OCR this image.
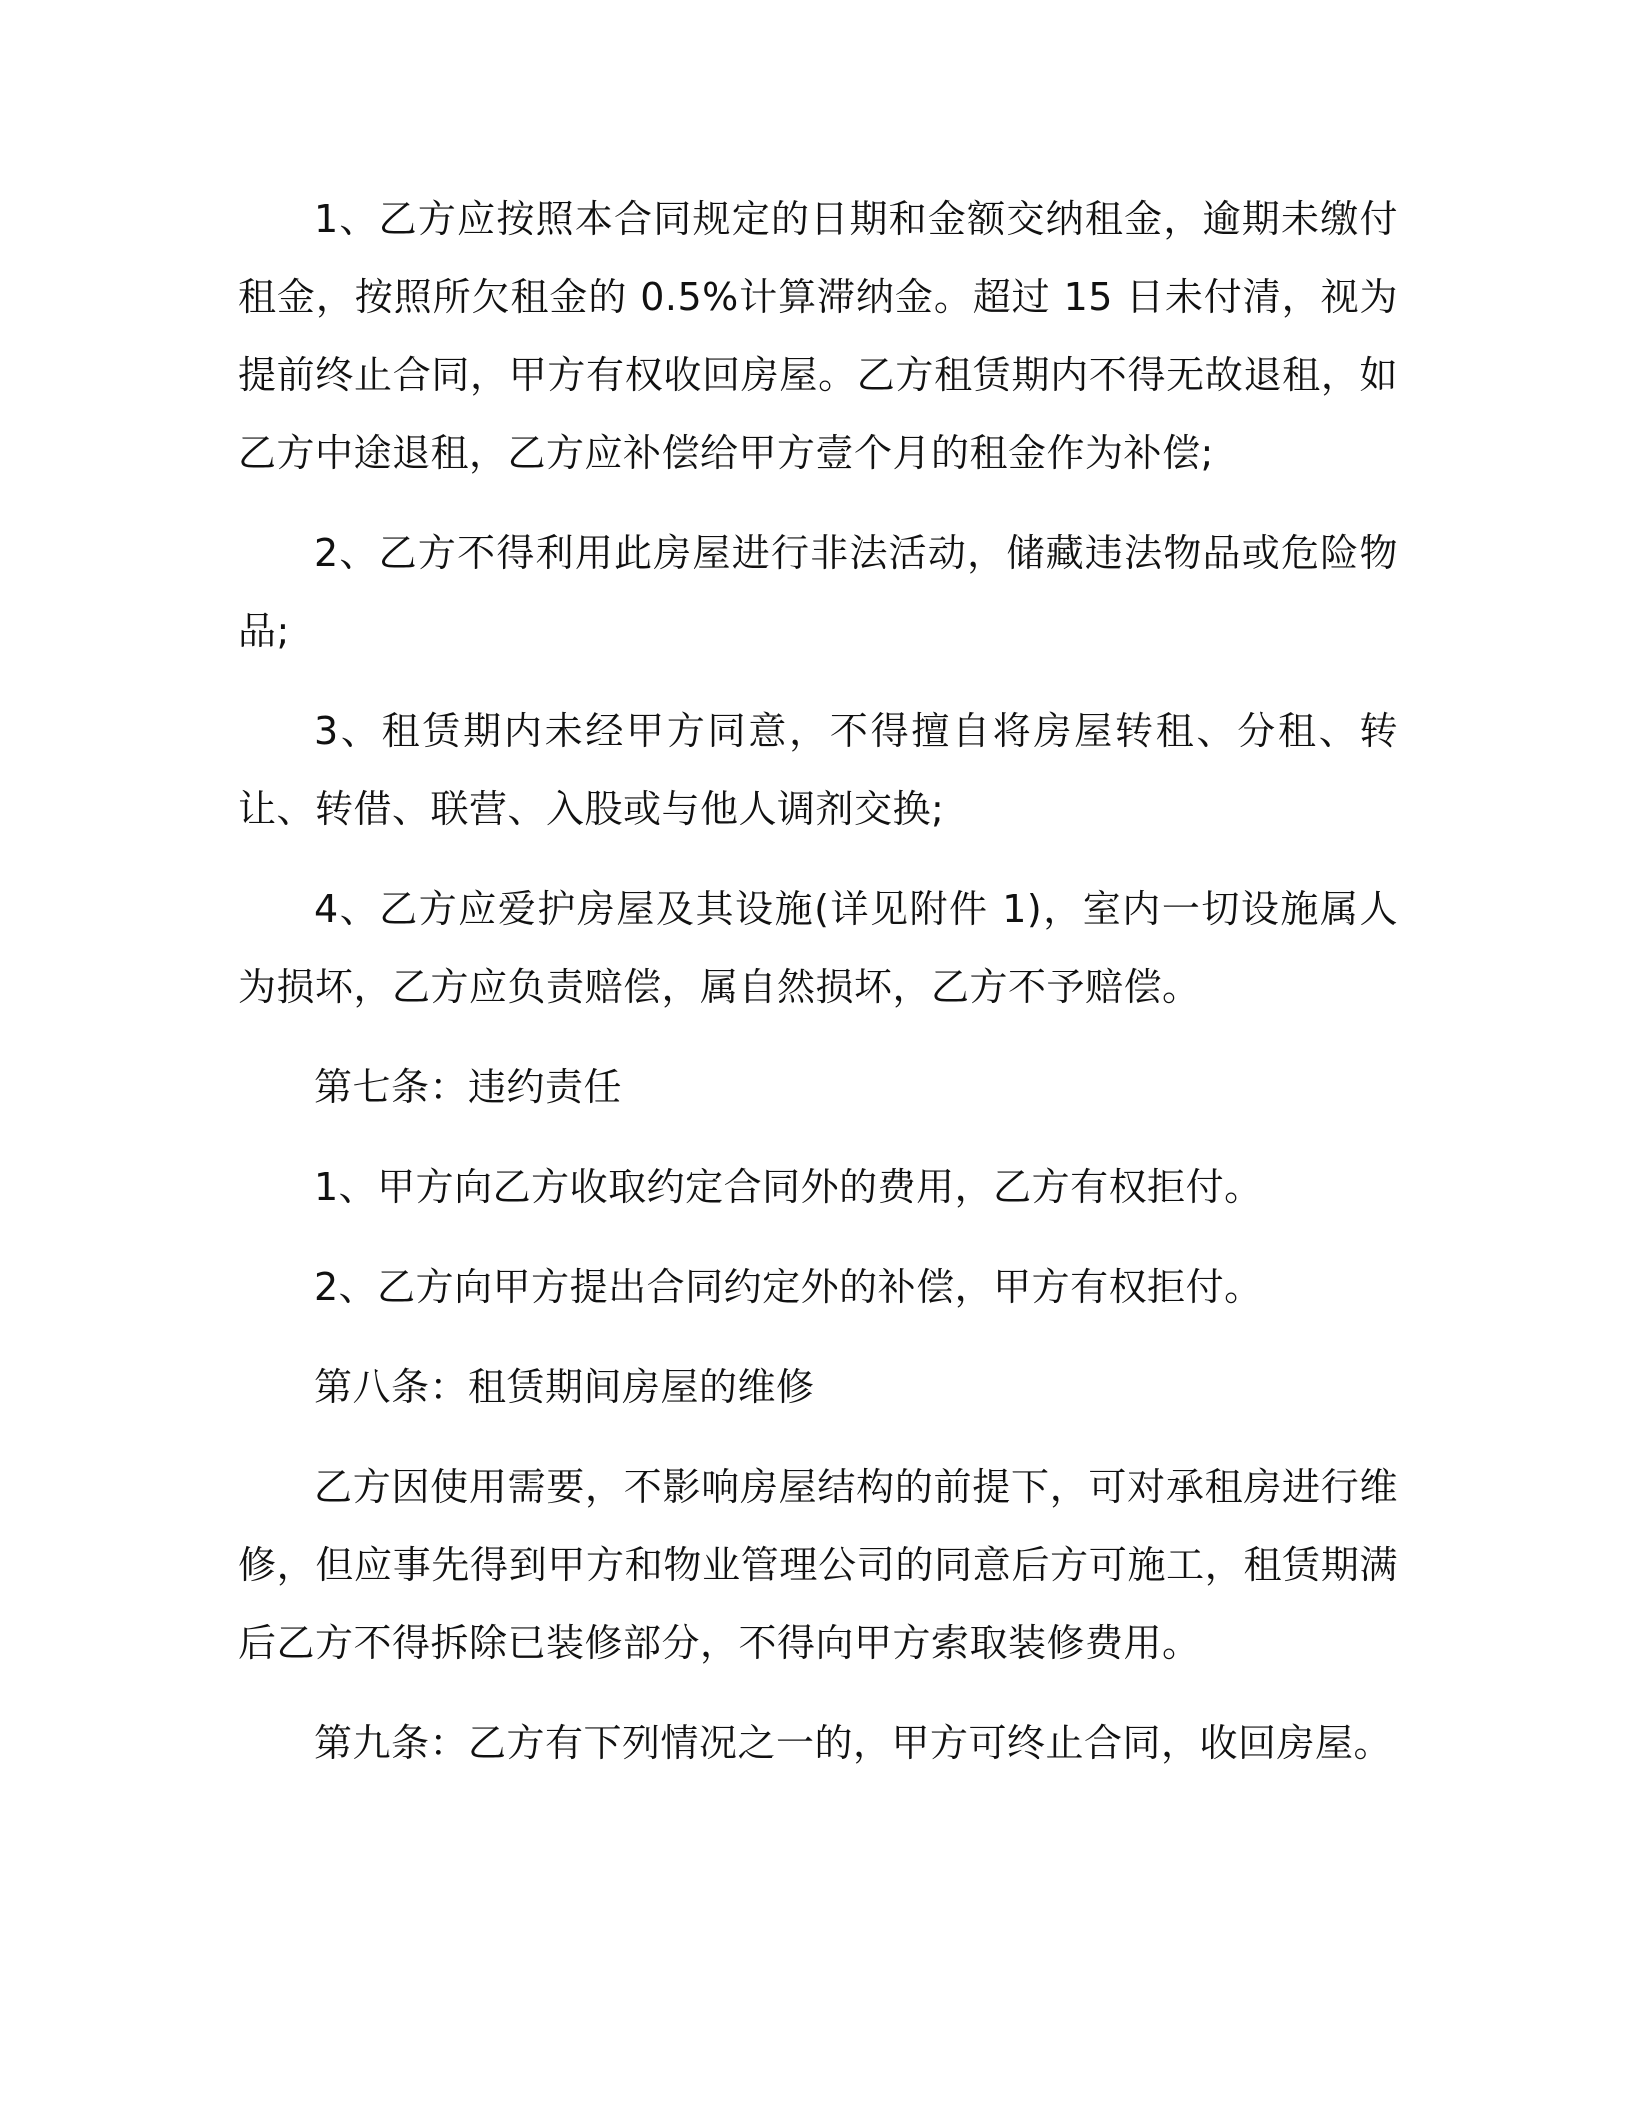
1、乙方应按照本合同规定的日期和金额交纳租金，逾期未缴付租金，按照所欠租金的 0.5%计算滞纳金。超过 15 日未付清，视为提前终止合同，甲方有权收回房屋。乙方租赁期内不得无故退租，如乙方中途退租，乙方应补偿给甲方壹个月的租金作为补偿;

2、乙方不得利用此房屋进行非法活动，储藏违法物品或危险物品;

3、租赁期内未经甲方同意，不得擅自将房屋转租、分租、转让、转借、联营、入股或与他人调剂交换;

4、乙方应爱护房屋及其设施(详见附件 1)，室内一切设施属人为损坏，乙方应负责赔偿，属自然损坏，乙方不予赔偿。

第七条：违约责任

1、甲方向乙方收取约定合同外的费用，乙方有权拒付。

2、乙方向甲方提出合同约定外的补偿，甲方有权拒付。

第八条：租赁期间房屋的维修

乙方因使用需要，不影响房屋结构的前提下，可对承租房进行维修，但应事先得到甲方和物业管理公司的同意后方可施工，租赁期满后乙方不得拆除已装修部分，不得向甲方索取装修费用。

第九条：乙方有下列情况之一的，甲方可终止合同，收回房屋。
